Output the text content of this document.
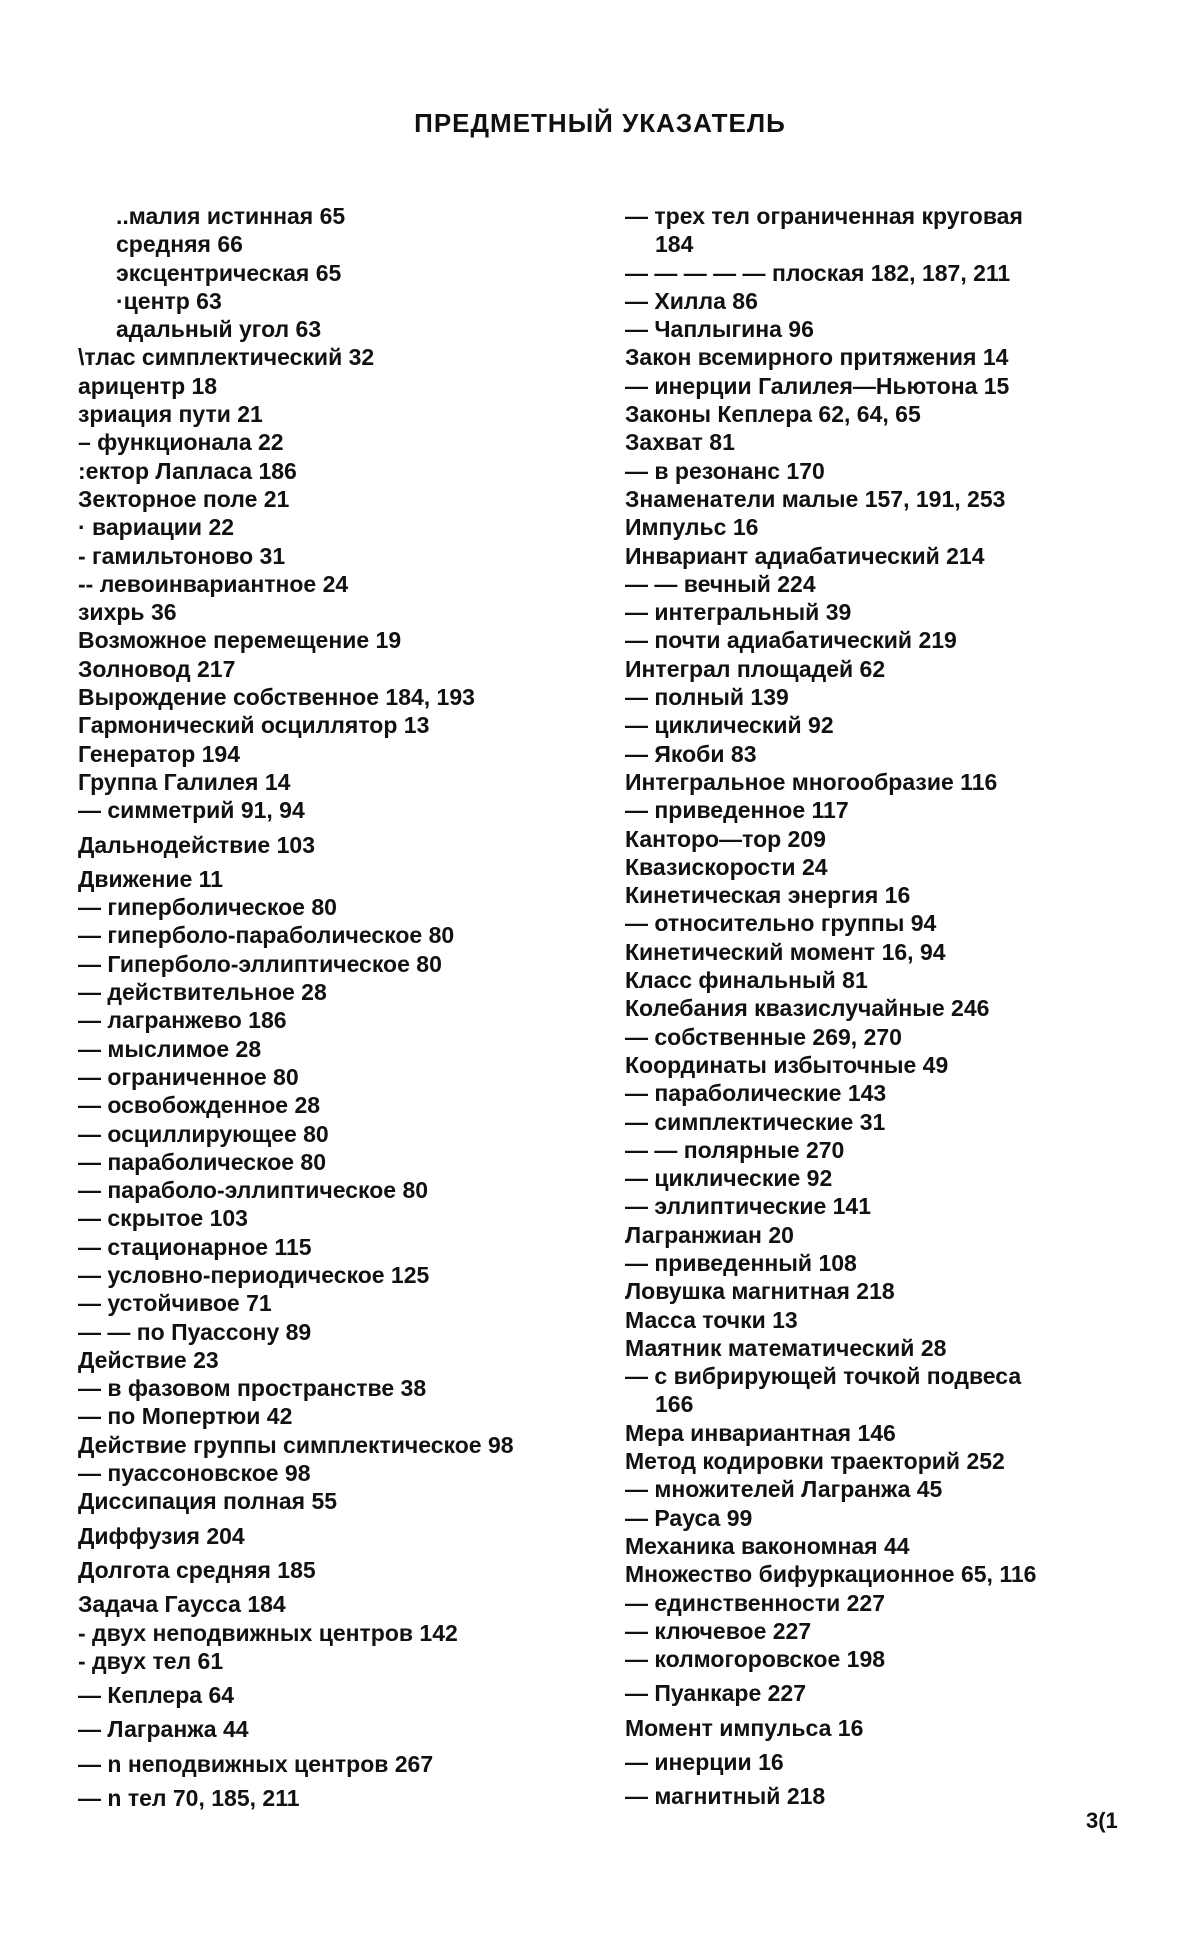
ПРЕДМЕТНЫЙ УКАЗАТЕЛЬ
..малия истинная 65
средняя 66
эксцентрическая 65
·центр 63
адальный угол 63
\тлас симплектический 32
арицентр 18
зриация пути 21
– функционала 22
:ектор Лапласа 186
Зекторное поле 21
· вариации 22
- гамильтоново 31
-- левоинвариантное 24
зихрь 36
Возможное перемещение 19
Золновод 217
Вырождение собственное 184, 193
Гармонический осциллятор 13
Генератор 194
Группа Галилея 14
— симметрий 91, 94
Дальнодействие 103
Движение 11
— гиперболическое 80
— гиперболо-параболическое 80
— Гиперболо-эллиптическое 80
— действительное 28
— лагранжево 186
— мыслимое 28
— ограниченное 80
— освобожденное 28
— осциллирующее 80
— параболическое 80
— параболо-эллиптическое 80
— скрытое 103
— стационарное 115
— условно-периодическое 125
— устойчивое 71
— — по Пуассону 89
Действие 23
— в фазовом пространстве 38
— по Мопертюи 42
Действие группы симплектическое 98
— пуассоновское 98
Диссипация полная 55
Диффузия 204
Долгота средняя 185
Задача Гаусса 184
- двух неподвижных центров 142
- двух тел 61
— Кеплера 64
— Лагранжа 44
— n неподвижных центров 267
— n тел 70, 185, 211
— трех тел ограниченная круговая
184
— — — — — плоская 182, 187, 211
— Хилла 86
— Чаплыгина 96
Закон всемирного притяжения 14
— инерции Галилея—Ньютона 15
Законы Кеплера 62, 64, 65
Захват 81
— в резонанс 170
Знаменатели малые 157, 191, 253
Импульс 16
Инвариант адиабатический 214
— — вечный 224
— интегральный 39
— почти адиабатический 219
Интеграл площадей 62
— полный 139
— циклический 92
— Якоби 83
Интегральное многообразие 116
— приведенное 117
Канторо—тор 209
Квазискорости 24
Кинетическая энергия 16
— относительно группы 94
Кинетический момент 16, 94
Класс финальный 81
Колебания квазислучайные 246
— собственные 269, 270
Координаты избыточные 49
— параболические 143
— симплектические 31
— — полярные 270
— циклические 92
— эллиптические 141
Лагранжиан 20
— приведенный 108
Ловушка магнитная 218
Масса точки 13
Маятник математический 28
— с вибрирующей точкой подвеса
166
Мера инвариантная 146
Метод кодировки траекторий 252
— множителей Лагранжа 45
— Рауса 99
Механика вакономная 44
Множество бифуркационное 65, 116
— единственности 227
— ключевое 227
— колмогоровское 198
— Пуанкаре 227
Момент импульса 16
— инерции 16
— магнитный 218
3(1
